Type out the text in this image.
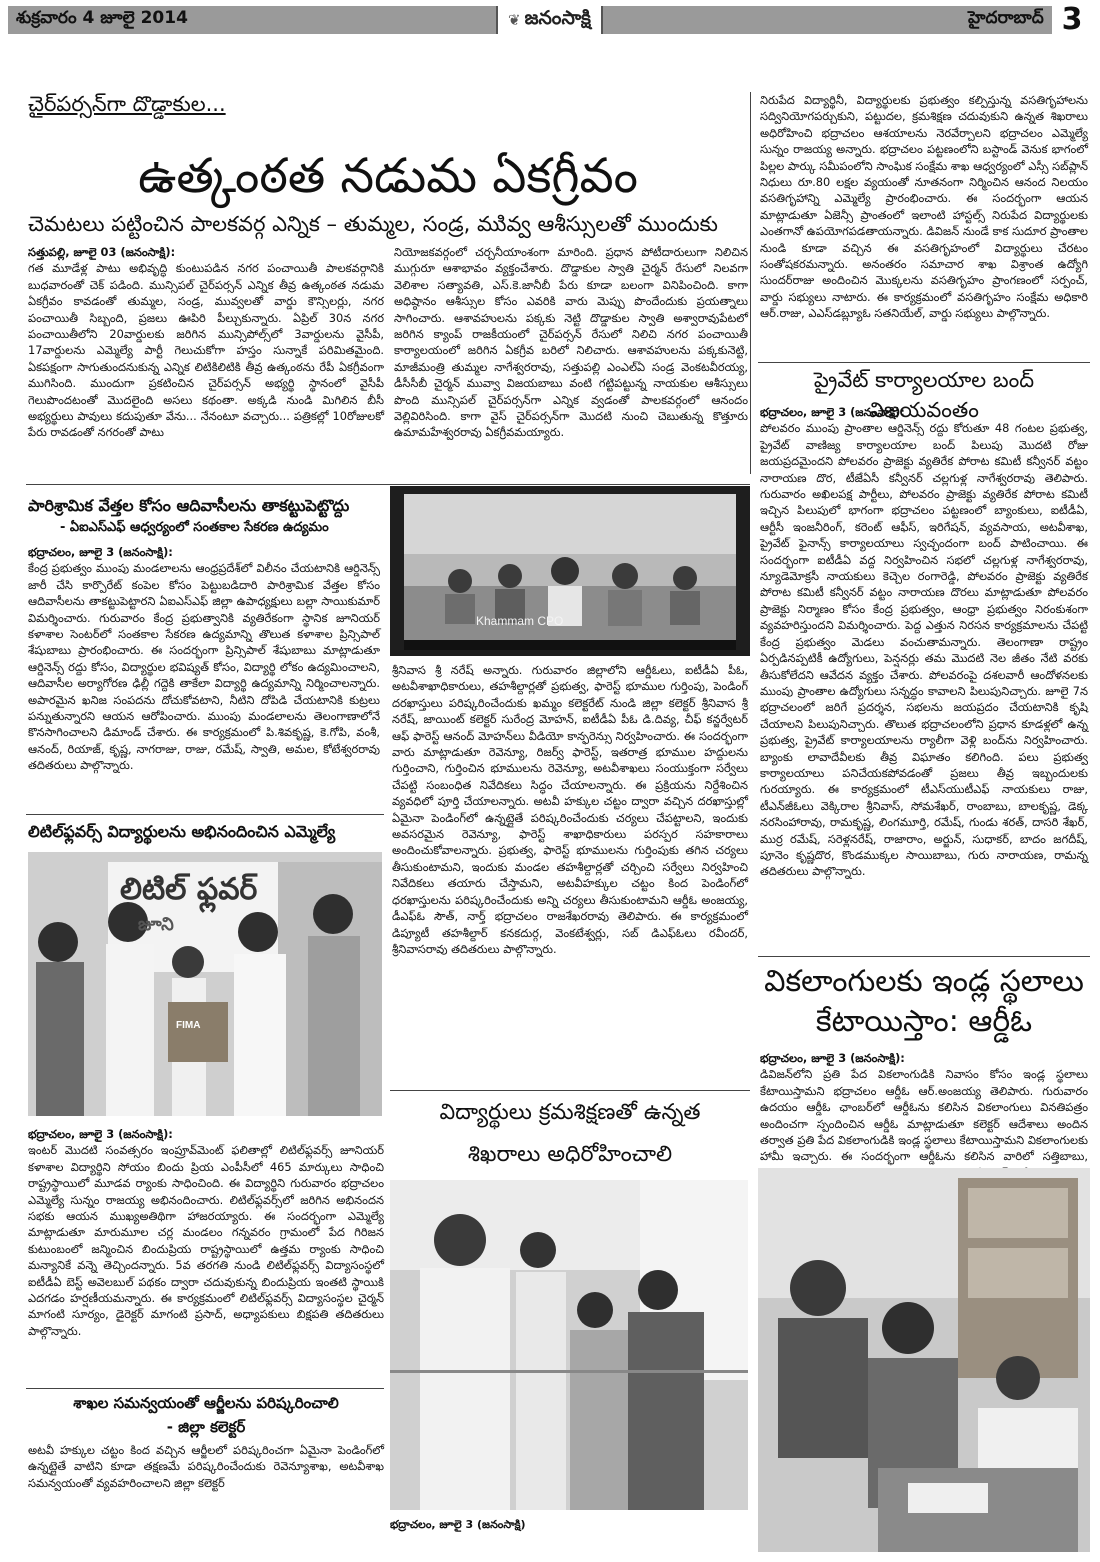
శుక్రవారం 4 జూలై 2014	❦ జనంసాక్షి	హైదరాబాద్ 3
చైర్‌పర్సన్‌గా దొడ్డాకుల...
ఉత్కంఠత నడుమ ఏకగ్రీవం
చెమటలు పట్టించిన పాలకవర్గ ఎన్నిక – తుమ్మల, సండ్ర, ముివ్వ ఆశీస్సులతో ముందుకు
సత్తుపల్లి, జూలై 03 (జనంసాక్షి):
గత మూడేళ్ల పాటు అభివృద్ధి కుంటుపడిన నగర పంచాయితీ పాలకవర్గానికి బుధవారంతో చెక్‌ పడింది. మున్సిపల్‌ చైర్‌పర్సన్‌ ఎన్నిక తీవ్ర ఉత్కంఠత నడుమ ఏకగ్రీవం కావడంతో తుమ్మల, సండ్ర, మువ్వలతో వార్డు కౌన్సిలర్లు, నగర పంచాయితీ సిబ్బంది, ప్రజలు ఊపిరి పీల్చుకున్నారు. ఏప్రిల్‌ 30న నగర పంచాయితీలోని 20వార్డులకు జరిగిన మున్సిపోల్స్‌లో 3వార్డులను వైసీపీ, 17వార్డులను ఎమ్మెల్యే పార్టీ గెలుచుకోగా హస్తం సున్నాకే పరిమితమైంది. ఏకపక్షంగా సాగుతుందనుకున్న ఎన్నిక లిటికిలిటికి తీవ్ర ఉత్కంఠను రేపీ ఏకగ్రీవంగా ముగిసింది. ముందుగా ప్రకటించిన చైర్‌పర్సన్‌ అభ్యర్థి స్థానంలో వైసీపీ గెలుపొందటంతో మొదలైంది అసలు కథంతా. అక్కడి నుండి మిగిలిన బీసీ అభ్యర్థులు పావులు కదుపుతూ వేను... నేనంటూ వచ్చారు... పత్రికల్లో 10రోజులకో పేరు రావడంతో నగరంతో పాటు
నియోజకవర్గంలో చర్చనీయాంశంగా మారింది. ప్రధాన పోటీదారులుగా నిలిచిన ముగ్గురూ ఆశాభావం వ్యక్తంచేశారు. దొడ్డాకుల స్వాతి చైర్మన్‌ రేసులో నిలవగా వెలిశాల సత్యావతి, ఎస్‌.కె.జానీబీ పేరు కూడా బలంగా వినిపించింది. కాగా అధిష్ఠానం ఆశీస్సుల కోసం ఎవరికి వారు మెప్పు పొందేందుకు ప్రయత్నాలు సాగించారు. ఆశావహులను పక్కకు నెట్టి దొడ్డాకుల స్వాతి అశ్వారావుపేటలో జరిగిన క్యాంప్‌ రాజకీయంలో చైర్‌పర్సన్‌ రేసులో నిలిచి నగర పంచాయితీ కార్యాలయంలో జరిగిన ఏకగ్రీవ బరిలో నిలిచారు. ఆశావహులను పక్కకునెట్టి, మాజీమంత్రి తుమ్మల నాగేశ్వరరావు, సత్తుపల్లి ఎంఎల్‌ఏ సండ్ర వెంకటవీరయ్య, డీసీసీబీ చైర్మన్‌ మువ్వా విజయబాబు వంటి గట్టిపట్టున్న నాయకుల ఆశీస్సులు పొంది మున్సిపల్‌ చైర్‌పర్సన్‌గా ఎన్నిక వ్వడంతో పాలకవర్గంలో ఆనందం వెల్లివిరిసింది. కాగా వైస్‌ చైర్‌పర్సన్‌గా మొదటి నుంచి చెబుతున్న కొత్తూరు ఉమామహేశ్వరరావు ఏకగ్రీవమయ్యారు.
నిరుపేద విద్యార్థినీ, విద్యార్థులకు ప్రభుత్వం కల్పిస్తున్న వసతిగృహాలను సద్వినియోగపర్చుకుని, పట్టుదల, క్రమశిక్షణ చదువుకుని ఉన్నత శిఖరాలు అధిరోహించి భద్రాచలం ఆశయాలను నెరవేర్చాలని భద్రాచలం ఎమ్మెల్యే సున్నం రాజయ్య అన్నారు. భద్రాచలం పట్టణంలోని బస్టాండ్‌ వెనుక భాగంలో పిల్లల పార్కు సమీపంలోని సాంఘిక సంక్షేమ శాఖ ఆధ్వర్యంలో ఎస్సీ సబ్‌ప్లాన్‌ నిధులు రూ.80 లక్షల వ్యయంతో నూతనంగా నిర్మించిన ఆనంద నిలయం వసతిగృహాన్ని ఎమ్మెల్యే ప్రారంభించారు. ఈ సందర్భంగా ఆయన మాట్లాడుతూ ఏజెన్సీ ప్రాంతంలో ఇలాంటి హాస్టల్స్‌ నిరుపేద విద్యార్థులకు ఎంతగానో ఉపయోగపడతాయన్నారు. డివిజన్‌ నుండే కాక సుదూర ప్రాంతాల నుండి కూడా వచ్చిన ఈ వసతిగృహంలో విద్యార్థులు చేరటం సంతోషకరమన్నారు. అనంతరం సమాచార శాఖ విశ్రాంత ఉద్యోగి సుందర్‌రాజు అందించిన మొక్కలను వసతిగృహం ప్రాంగణంలో సర్పంచ్‌, వార్డు సభ్యులు నాటారు. ఈ కార్యక్రమంలో వసతిగృహం సంక్షేమ అధికారి ఆర్‌.రాజు, ఎఎస్‌డబ్ల్యూఓ సతనియేల్‌, వార్డు సభ్యులు పాల్గొన్నారు.
ప్రైవేట్‌ కార్యాలయాల బంద్‌ విజయవంతం
భద్రాచలం, జూలై 3 (జనంసాక్షి):
పోలవరం ముంపు ప్రాంతాల ఆర్డినెన్స్‌ రద్దు కోరుతూ 48 గంటల ప్రభుత్వ, ప్రైవేట్‌ వాణిజ్య కార్యాలయాల బంద్‌ పిలుపు మొదటి రోజు జయప్రదమైందని పోలవరం ప్రాజెక్టు వ్యతిరేక పోరాట కమిటీ కన్వీనర్‌ వట్టం నారాయణ దొర, టీజేఏసీ కన్వీనర్‌ చల్లగుళ్ల నాగేశ్వరరావు తెలిపారు. గురువారం అఖిలపక్ష పార్టీలు, పోలవరం ప్రాజెక్టు వ్యతిరేక పోరాట కమిటీ ఇచ్చిన పిలుపులో భాగంగా భద్రాచలం పట్టణంలో బ్యాంకులు, ఐటీడీఏ, ఆర్టీసీ ఇంజనీరింగ్‌, కరెంట్‌ ఆఫీస్‌, ఇరిగేషన్‌, వ్యవసాయ, అటవీశాఖ, ప్రైవేట్‌ ఫైనాన్స్‌ కార్యాలయాలు స్వచ్ఛందంగా బంద్‌ పాటించాయి. ఈ సందర్భంగా ఐటీడీఏ వద్ద నిర్వహించిన సభలో చల్లగుళ్ల నాగేశ్వరరావు, న్యూడెమోక్రసీ నాయకులు కెచ్చెల రంగారెడ్డి, పోలవరం ప్రాజెక్టు వ్యతిరేక పోరాట కమిటీ కన్వీనర్‌ వట్టం నారాయణ దొరలు మాట్లాడుతూ పోలవరం ప్రాజెక్టు నిర్మాణం కోసం కేంద్ర ప్రభుత్వం, ఆంధ్రా ప్రభుత్వం నిరంకుశంగా వ్యవహరిస్తుందని విమర్శించారు. పెద్ద ఎత్తున నిరసన కార్యక్రమాలను చేపట్టి కేంద్ర ప్రభుత్వం మెడలు వంచుతామన్నారు. తెలంగాణా రాష్ట్రం ఏర్పడినప్పటికీ ఉద్యోగులు, పెన్షనర్లు తమ మొదటి నెల జీతం నేటి వరకు తీసుకోలేదని ఆవేదన వ్యక్తం చేశారు. పోలవరంపై దశలవారీ ఆందోళనలకు ముంపు ప్రాంతాల ఉద్యోగులు సన్నద్ధం కావాలని పిలుపునిచ్చారు. జూలై 7న భద్రాచలంలో జరిగే ప్రదర్శన, సభలను జయప్రదం చేయటానికి కృషి చేయాలని పిలుపునిచ్చారు. తొలుత భద్రాచలంలోని ప్రధాన కూడళ్లలో ఉన్న ప్రభుత్వ, ప్రైవేట్‌ కార్యాలయాలను ర్యాలీగా వెళ్లి బంద్‌ను నిర్వహించారు. బ్యాంకు లావాదేవీలకు తీవ్ర విఘాతం కలిగింది. పలు ప్రభుత్వ కార్యాలయాలు పనిచేయకపోవడంతో ప్రజలు తీవ్ర ఇబ్బందులకు గురయ్యారు. ఈ కార్యక్రమంలో టీఎస్‌యుటీఎఫ్‌ నాయకులు రాజు, టీఎన్‌జీఓలు వెక్కిరాల శ్రీనివాస్‌, సోమశేఖర్‌, రాంబాబు, బాలకృష్ణ, డెక్క నరసింహారావు, రామకృష్ణ, లింగమూర్తి, రమేష్‌, గుండు శరత్‌, దాసరి శేఖర్‌, ముర్ర రమేష్‌, సరెళ్లనరేష్‌, రాజారాం, అర్జున్‌, సుధాకర్‌, బాదం జగదీష్‌, పూనెం కృష్ణదొర, కొండముక్కల సాయిబాబు, గురు నారాయణ, రామన్న తదితరులు పాల్గొన్నారు.
వికలాంగులకు ఇండ్ల స్థలాలు
కేటాయిస్తాం: ఆర్డీఓ
భద్రాచలం, జూలై 3 (జనంసాక్షి):
డివిజన్‌లోని ప్రతి పేద వికలాంగుడికి నివాసం కోసం ఇండ్ల స్థలాలు కేటాయిస్తామని భద్రాచలం ఆర్డీఓ ఆర్‌.అంజయ్య తెలిపారు. గురువారం ఉదయం ఆర్డీఓ ఛాంబర్‌లో ఆర్డీఓను కలిసిన వికలాంగులు వినతిపత్రం అందించగా స్పందించిన ఆర్డీఓ మాట్లాడుతూ కలెక్టర్‌ ఆదేశాలు అందిన తర్వాత ప్రతి పేద వికలాంగుడికి ఇండ్ల స్థలాలు కేటాయిస్తామని వికలాంగులకు హామీ ఇచ్చారు. ఈ సందర్భంగా ఆర్డీఓను కలిసిన వారిలో సత్తిబాబు,
పారిశ్రామిక వేత్తల కోసం ఆదివాసీలను తాకట్టుపెట్టొద్దు
- ఏఐఎస్‌ఎఫ్‌ ఆధ్వర్యంలో సంతకాల సేకరణ ఉద్యమం
భద్రాచలం, జూలై 3 (జనంసాక్షి):
కేంద్ర ప్రభుత్వం ముంపు మండలాలను ఆంధ్రప్రదేశ్‌లో విలీనం చేయటానికి ఆర్డినెన్స్‌ జారీ చేసి కార్పొరేట్‌ కంపెల కోసం పెట్టుబడిదారి పారిశ్రామిక వేత్తల కోసం ఆదివాసీలను తాకట్టుపెట్టారని ఏఐఎస్‌ఎఫ్‌ జిల్లా ఉపాధ్యక్షులు బల్లా సాయికుమార్‌ విమర్శించారు. గురువారం కేంద్ర ప్రభుత్వానికి వ్యతిరేకంగా స్థానిక జూనియర్‌ కళాశాల సెంటర్‌లో సంతకాల సేకరణ ఉద్యమాన్ని తొలుత కళాశాల ప్రిన్సిపాల్‌ శేషుబాబు ప్రారంభించారు. ఈ సందర్భంగా ప్రిన్సిపాల్‌ శేషుబాబు మాట్లాడుతూ ఆర్డినెన్స్‌ రద్దు కోసం, విద్యార్థుల భవిష్యత్‌ కోసం, విద్యార్థి లోకం ఉద్యమించాలని, ఆదివాసీల అర్యాగోరణ ఢిల్లీ గద్దెకి తాకేలా విద్యార్థి ఉద్యమాన్ని నిర్మించాలన్నారు. అపారమైన ఖనిజ సంపదను దోచుకోవటాని, నీటిని దోపిడి చేయటానికి కుట్రలు పన్నుతున్నారని ఆయన ఆరోపించారు. ముంపు మండలాలను తెలంగాణాలోనే కొనసాగించాలని డిమాండ్‌ చేశారు. ఈ కార్యక్రమంలో పి.శివకృష్ణ, కె.గోపి, వంశీ, ఆనంద్‌, రియాజ్‌, కృష్ణ, నాగరాజు, రాజు, రమేష్‌, స్వాతి, అమల, కోటేశ్వరరావు తదితరులు పాల్గొన్నారు.
Khammam CPO
శ్రీనివాస శ్రీ నరేష్‌ అన్నారు. గురువారం జిల్లాలోని ఆర్డీఓలు, ఐటీడీఏ పీఓ, అటవీశాఖాధికారులు, తహశీల్దార్లతో ప్రభుత్వ, ఫారెస్ట్‌ భూముల గుర్తింపు, పెండింగ్‌ దరఖాస్తులు పరిష్కరించేందుకు ఖమ్మం కలెక్టరేట్‌ నుండి జిల్లా కలెక్టర్‌ శ్రీనివాస శ్రీ నరేష్‌, జాయింట్‌ కలెక్టర్‌ సురేంద్ర మోహన్‌, ఐటీడీఏ పీఓ డి.దివ్య, చీఫ్‌ కన్జర్వేటర్‌ ఆఫ్‌ ఫారెస్ట్‌ ఆనంద్‌ మోహన్‌లు వీడియో కాన్ఫరెన్సు నిర్వహించారు. ఈ సందర్భంగా వారు మాట్లాడుతూ రెవెన్యూ, రిజర్వ్‌ ఫారెస్ట్‌, ఇతరాత్ర భూముల హద్దులను గుర్తించాని, గుర్తించిన భూములను రెవెన్యూ, అటవీశాఖలు సంయుక్తంగా సర్వేలు చేపట్టి సంబంధిత నివేదికలు సిద్ధం చేయాలన్నారు. ఈ ప్రక్రియను నిర్దేశించిన వ్యవధిలో పూర్తి చేయాలన్నారు. అటవీ హక్కుల చట్టం ద్వారా వచ్చిన దరఖాస్తుల్లో ఏమైనా పెండింగ్‌లో ఉన్నట్లైతే పరిష్కరించేందుకు చర్యలు చేపట్టాలని, ఇందుకు అవసరమైన రెవెన్యూ, ఫారెస్ట్‌ శాఖాధికారులు పరస్పర సహకారాలు అందించుకోవాలన్నారు. ప్రభుత్వ, ఫారెస్ట్‌ భూములను గుర్తింపుకు తగిన చర్యలు తీసుకుంటామని, ఇందుకు మండల తహశీల్దార్లతో చర్చించి సర్వేలు నిర్వహించి నివేదికలు తయారు చేస్తామని, అటవీహక్కుల చట్టం కింద పెండింగ్‌లో ధరఖాస్తులను పరిష్కరించేందుకు అన్ని చర్యలు తీసుకుంటామని ఆర్డీఓ అంజయ్య, డీఎఫ్‌ఓ సౌత్‌, నార్త్‌ భద్రాచలం రాజశేఖరరావు తెలిపారు. ఈ కార్యక్రమంలో డిప్యూటీ తహశీల్దార్‌ కనకదుర్గ, వెంకటేశ్వర్లు, సబ్‌ డిఎఫ్‌ఓలు రవీందర్‌, శ్రీనివాసరావు తదితరులు పాల్గొన్నారు.
లిటిల్‌ఫ్లవర్స్‌ విద్యార్థులను అభినందించిన ఎమ్మెల్యే
లిటిల్ ఫ్లవర్
జూని
FIMA
భద్రాచలం, జూలై 3 (జనంసాక్షి):
ఇంటర్‌ మొదటి సంవత్సరం ఇంప్రూవ్‌మెంట్‌ ఫలితాల్లో లిటిల్‌ఫ్లవర్స్‌ జూనియర్‌ కళాశాల విద్యార్థిని సోయం బిందు ప్రియ ఎంపీసీలో 465 మార్కులు సాధించి రాష్ట్రస్థాయిలో మూడవ ర్యాంకు సాధించింది. ఈ విద్యార్థిని గురువారం భద్రాచలం ఎమ్మెల్యే సున్నం రాజయ్య అభినందించారు. లిటిల్‌ఫ్లవర్స్‌లో జరిగిన అభినందన సభకు ఆయన ముఖ్యఅతిథిగా హాజరయ్యారు. ఈ సందర్భంగా ఎమ్మెల్యే మాట్లాడుతూ మారుమూల చర్ల మండలం గన్నవరం గ్రామంలో పేద గిరిజన కుటుంబంలో జన్మించిన బిందుప్రియ రాష్ట్రస్థాయిలో ఉత్తమ ర్యాంకు సాధించి మన్యానికే వన్నె తెచ్చిందన్నారు. 5వ తరగతి నుండి లిటిల్‌ఫ్లవర్స్‌ విద్యాసంస్థలో ఐటీడీఏ బెస్ట్‌ అవెలబుల్‌ పథకం ద్వారా చదువుకున్న బిందుప్రియ ఇంతటి స్థాయికి ఎదగడం హర్షణీయమన్నారు. ఈ కార్యక్రమంలో లిటిల్‌ఫ్లవర్స్‌ విద్యాసంస్థల చైర్మన్‌ మాగంటి సూర్యం, డైరెక్టర్‌ మాగంటి ప్రసాద్‌, అధ్యాపకులు బిక్షపతి తదితరులు పాల్గొన్నారు.
శాఖల సమన్వయంతో ఆర్జీలను పరిష్కరించాలి
- జిల్లా కలెక్టర్‌
అటవీ హక్కుల చట్టం కింద వచ్చిన ఆర్జీలలో పరిష్కరించగా ఏమైనా పెండింగ్‌లో ఉన్నట్లైతే వాటిని కూడా తక్షణమే పరిష్కరించేందుకు రెవెన్యూశాఖ, అటవీశాఖ సమన్వయంతో వ్యవహరించాలని జిల్లా కలెక్టర్‌
విద్యార్థులు క్రమశిక్షణతో ఉన్నత
శిఖరాలు అధిరోహించాలి
భద్రాచలం, జూలై 3 (జనంసాక్షి)
